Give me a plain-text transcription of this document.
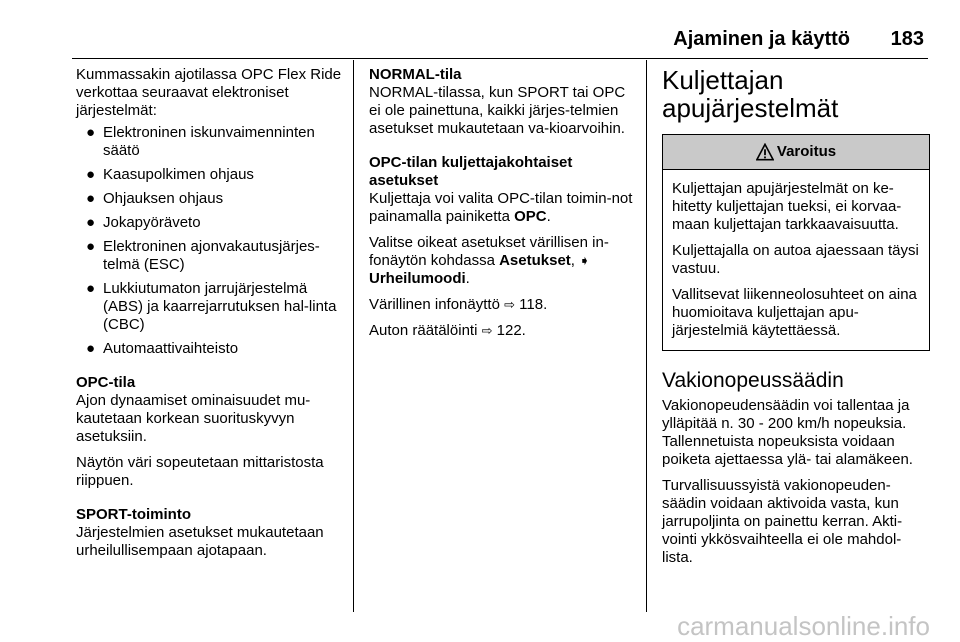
Ajaminen ja käyttö 183

Kummassakin ajotilassa OPC Flex Ride verkottaa seuraavat elektroniset järjestelmät:

● Elektroninen iskunvaimenninten säätö
● Kaasupolkimen ohjaus
● Ohjauksen ohjaus
● Jokapyöräveto
● Elektroninen ajonvakautusjärjes-telmä (ESC)
● Lukkiutumaton jarrujärjestelmä (ABS) ja kaarrejarrutuksen hal-linta (CBC)
● Automaattivaihteisto

OPC-tila

Ajon dynaamiset ominaisuudet mu-kautetaan korkean suorituskyvyn asetuksiin.

Näytön väri sopeutetaan mittaristosta riippuen.

SPORT-toiminto

Järjestelmien asetukset mukautetaan urheilullisempaan ajotapaan.

NORMAL-tila

NORMAL-tilassa, kun SPORT tai OPC ei ole painettuna, kaikki järjes-telmien asetukset mukautetaan va-kioarvoihin.

OPC-tilan kuljettajakohtaiset asetukset

Kuljettaja voi valita OPC-tilan toimin-not painamalla painiketta OPC.

Valitse oikeat asetukset värillisen in-fonäytön kohdassa Asetukset, ➧
Urheilumoodi.

Värillinen infonäyttö ⇨ 118.

Auton räätälöinti ⇨ 122.

Kuljettajan apujärjestelmät
Varoitus

Kuljettajan apujärjestelmät on ke-hitetty kuljettajan tueksi, ei korvaa-maan kuljettajan tarkkaavaisuutta.

Kuljettajalla on autoa ajaessaan täysi vastuu.

Vallitsevat liikenneolosuhteet on aina huomioitava kuljettajan apu-järjestelmiä käytettäessä.

Vakionopeussäädin

Vakionopeudensäädin voi tallentaa ja ylläpitää n. 30 - 200 km/h nopeuksia. Tallennetuista nopeuksista voidaan poiketa ajettaessa ylä- tai alamäkeen.

Turvallisuussyistä vakionopeuden-säädin voidaan aktivoida vasta, kun jarrupoljinta on painettu kerran. Akti-vointi ykkösvaihteella ei ole mahdol-lista.

carmanualsonline.info
